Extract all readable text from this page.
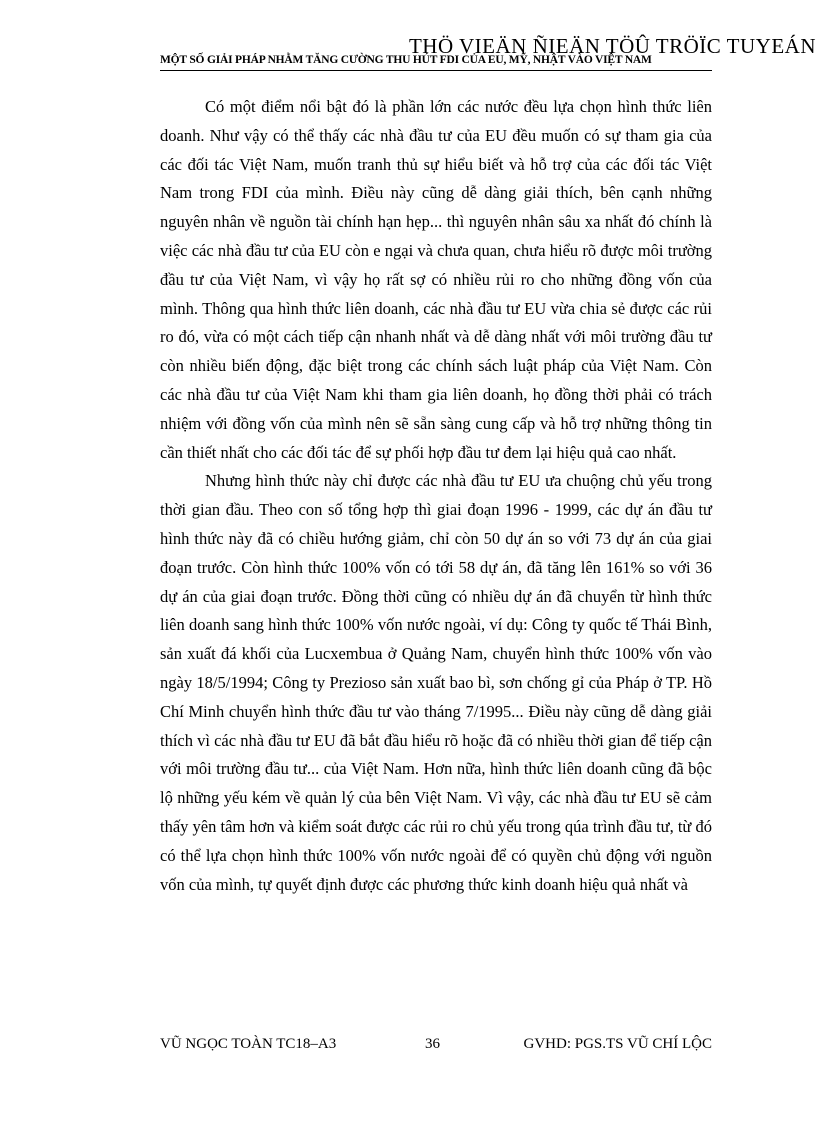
THÖ VIEÄN ÑIEÄN TÖÛ TRÖÏC TUYEÁN
MỘT SỐ GIẢI PHÁP NHẰM TĂNG CƯỜNG THU HÚT FDI CỦA EU, MỸ, NHẬT VÀO VIỆT NAM

Có một điểm nổi bật đó là phần lớn các nước đều lựa chọn hình thức liên doanh. Như vậy có thể thấy các nhà đầu tư của EU đều muốn có sự tham gia của các đối tác Việt Nam, muốn tranh thủ sự hiểu biết và hỗ trợ của các đối tác Việt Nam trong FDI của mình. Điều này cũng dễ dàng giải thích, bên cạnh những nguyên nhân về nguồn tài chính hạn hẹp... thì nguyên nhân sâu xa nhất đó chính là việc các nhà đầu tư của EU còn e ngại và chưa quan, chưa hiểu rõ được môi trường đầu tư của Việt Nam, vì vậy họ rất sợ có nhiều rủi ro cho những đồng vốn của mình. Thông qua hình thức liên doanh, các nhà đầu tư EU vừa chia sẻ được các rủi ro đó, vừa có một cách tiếp cận nhanh nhất và dễ dàng nhất với môi trường đầu tư còn nhiều biến động, đặc biệt trong các chính sách luật pháp của Việt Nam. Còn các nhà đầu tư của Việt Nam khi tham gia liên doanh, họ đồng thời phải có trách nhiệm với đồng vốn của mình nên sẽ sẵn sàng cung cấp và hỗ trợ những thông tin cần thiết nhất cho các đối tác để sự phối hợp đầu tư đem lại hiệu quả cao nhất.

Nhưng hình thức này chỉ được các nhà đầu tư EU ưa chuộng chủ yếu trong thời gian đầu. Theo con số tổng hợp thì giai đoạn 1996 - 1999, các dự án đầu tư hình thức này đã có chiều hướng giảm, chỉ còn 50 dự án so với 73 dự án của giai đoạn trước. Còn hình thức 100% vốn có tới 58 dự án, đã tăng lên 161% so với 36 dự án của giai đoạn trước. Đồng thời cũng có nhiều dự án đã chuyển từ hình thức liên doanh sang hình thức 100% vốn nước ngoài, ví dụ: Công ty quốc tế Thái Bình, sản xuất đá khối của Lucxembua ở Quảng Nam, chuyển hình thức 100% vốn vào ngày 18/5/1994; Công ty Prezioso sản xuất bao bì, sơn chống gỉ của Pháp ở TP. Hồ Chí Minh chuyển hình thức đầu tư vào tháng 7/1995... Điều này cũng dễ dàng giải thích vì các nhà đầu tư EU đã bắt đầu hiểu rõ hoặc đã có nhiều thời gian để tiếp cận với môi trường đầu tư... của Việt Nam. Hơn nữa, hình thức liên doanh cũng đã bộc lộ những yếu kém về quản lý của bên Việt Nam. Vì vậy, các nhà đầu tư EU sẽ cảm thấy yên tâm hơn và kiểm soát được các rủi ro chủ yếu trong qúa trình đầu tư, từ đó có thể lựa chọn hình thức 100% vốn nước ngoài để có quyền chủ động với nguồn vốn của mình, tự quyết định được các phương thức kinh doanh hiệu quả nhất và

VŨ NGỌC TOÀN TC18–A3	36	GVHD: PGS.TS VŨ CHÍ LỘC
